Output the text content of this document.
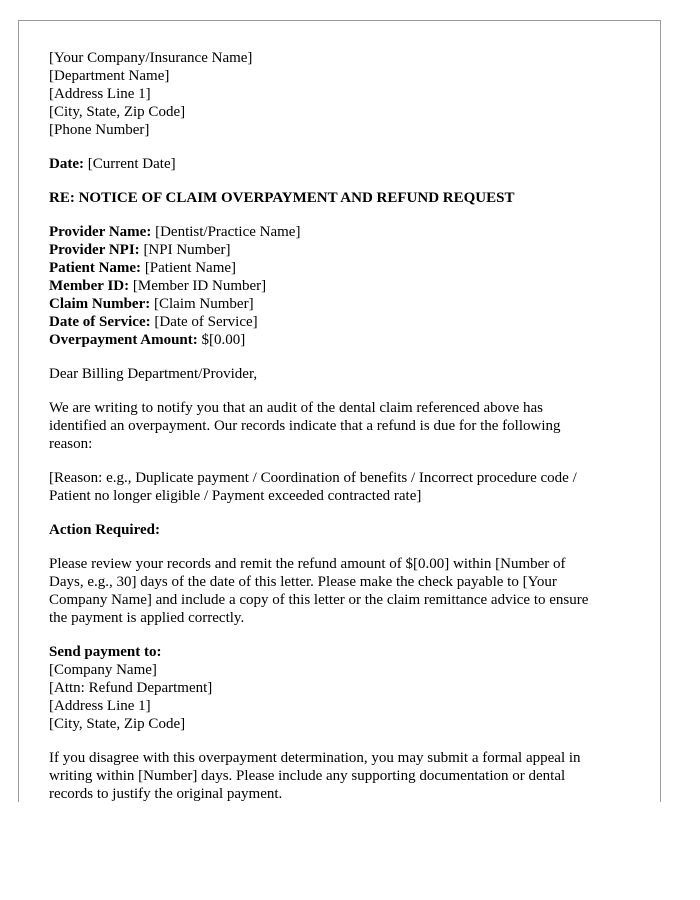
[Your Company/Insurance Name]
[Department Name]
[Address Line 1]
[City, State, Zip Code]
[Phone Number]
Date: [Current Date]
RE: NOTICE OF CLAIM OVERPAYMENT AND REFUND REQUEST
Provider Name: [Dentist/Practice Name]
Provider NPI: [NPI Number]
Patient Name: [Patient Name]
Member ID: [Member ID Number]
Claim Number: [Claim Number]
Date of Service: [Date of Service]
Overpayment Amount: $[0.00]
Dear Billing Department/Provider,
We are writing to notify you that an audit of the dental claim referenced above has
identified an overpayment. Our records indicate that a refund is due for the following
reason:
[Reason: e.g., Duplicate payment / Coordination of benefits / Incorrect procedure code /
Patient no longer eligible / Payment exceeded contracted rate]
Action Required:
Please review your records and remit the refund amount of $[0.00] within [Number of
Days, e.g., 30] days of the date of this letter. Please make the check payable to [Your
Company Name] and include a copy of this letter or the claim remittance advice to ensure
the payment is applied correctly.
Send payment to:
[Company Name]
[Attn: Refund Department]
[Address Line 1]
[City, State, Zip Code]
If you disagree with this overpayment determination, you may submit a formal appeal in
writing within [Number] days. Please include any supporting documentation or dental
records to justify the original payment.
